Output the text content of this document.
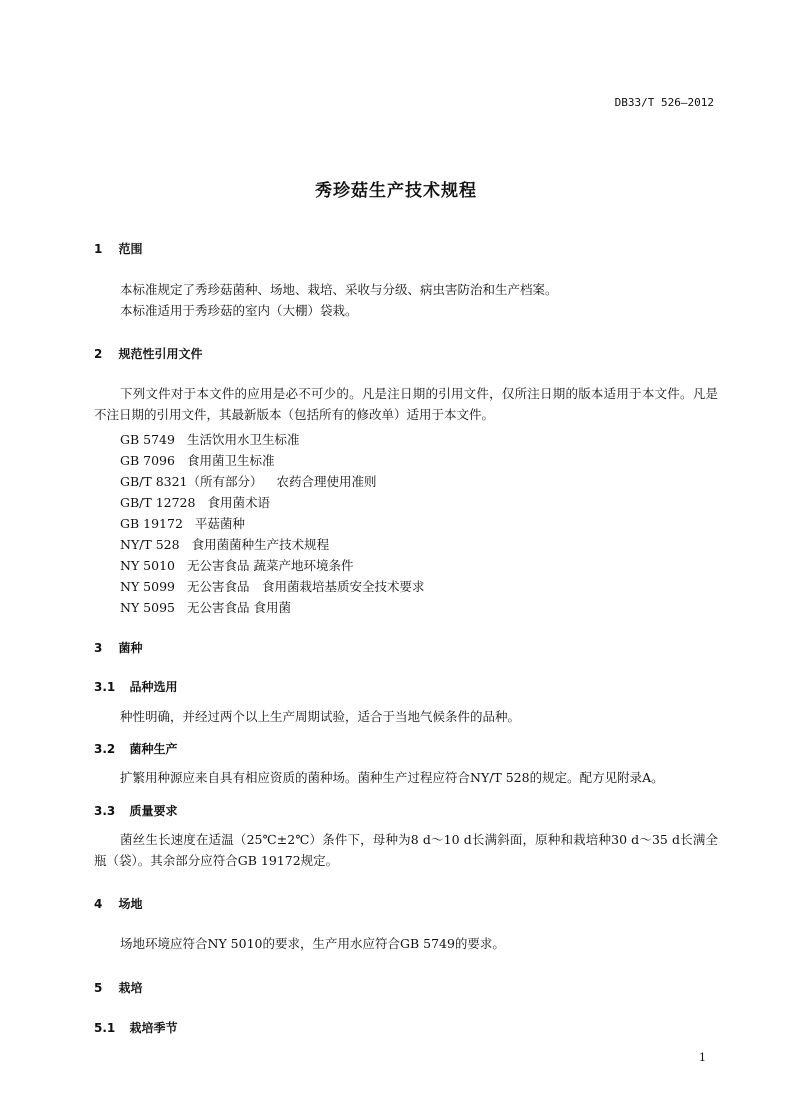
DB33/T 526—2012
秀珍菇生产技术规程
1 范围
本标准规定了秀珍菇菌种、场地、栽培、采收与分级、病虫害防治和生产档案。
本标准适用于秀珍菇的室内（大棚）袋栽。
2 规范性引用文件
下列文件对于本文件的应用是必不可少的。凡是注日期的引用文件，仅所注日期的版本适用于本文件。凡是不注日期的引用文件，其最新版本（包括所有的修改单）适用于本文件。
GB 5749 生活饮用水卫生标准
GB 7096 食用菌卫生标准
GB/T 8321（所有部分） 农药合理使用准则
GB/T 12728 食用菌术语
GB 19172 平菇菌种
NY/T 528 食用菌菌种生产技术规程
NY 5010 无公害食品 蔬菜产地环境条件
NY 5099 无公害食品　食用菌栽培基质安全技术要求
NY 5095 无公害食品 食用菌
3 菌种
3.1 品种选用
种性明确，并经过两个以上生产周期试验，适合于当地气候条件的品种。
3.2 菌种生产
扩繁用种源应来自具有相应资质的菌种场。菌种生产过程应符合NY/T 528的规定。配方见附录A。
3.3 质量要求
菌丝生长速度在适温（25℃±2℃）条件下，母种为8 d～10 d长满斜面，原种和栽培种30 d～35 d长满全瓶（袋）。其余部分应符合GB 19172规定。
4 场地
场地环境应符合NY 5010的要求，生产用水应符合GB 5749的要求。
5 栽培
5.1 栽培季节
1
